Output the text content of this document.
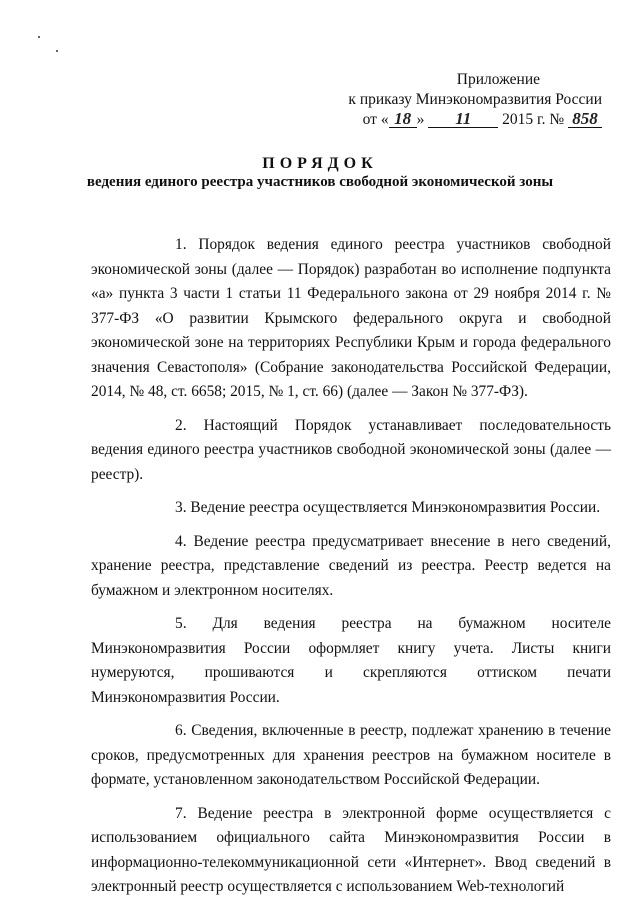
Приложение
к приказу Минэкономразвития России
от « 18 » 11 2015 г. № 858
ПОРЯДОК
ведения единого реестра участников свободной экономической зоны

1. Порядок ведения единого реестра участников свободной экономической зоны (далее — Порядок) разработан во исполнение подпункта «а» пункта 3 части 1 статьи 11 Федерального закона от 29 ноября 2014 г. № 377-ФЗ «О развитии Крымского федерального округа и свободной экономической зоне на территориях Республики Крым и города федерального значения Севастополя» (Собрание законодательства Российской Федерации, 2014, № 48, ст. 6658; 2015, № 1, ст. 66) (далее — Закон № 377-ФЗ).

2. Настоящий Порядок устанавливает последовательность ведения единого реестра участников свободной экономической зоны (далее — реестр).

3. Ведение реестра осуществляется Минэкономразвития России.

4. Ведение реестра предусматривает внесение в него сведений, хранение реестра, представление сведений из реестра. Реестр ведется на бумажном и электронном носителях.

5. Для ведения реестра на бумажном носителе Минэкономразвития России оформляет книгу учета. Листы книги нумеруются, прошиваются и скрепляются оттиском печати Минэкономразвития России.

6. Сведения, включенные в реестр, подлежат хранению в течение сроков, предусмотренных для хранения реестров на бумажном носителе в формате, установленном законодательством Российской Федерации.

7. Ведение реестра в электронной форме осуществляется с использованием официального сайта Минэкономразвития России в информационно-телекоммуникационной сети «Интернет». Ввод сведений в электронный реестр осуществляется с использованием Web-технологий
